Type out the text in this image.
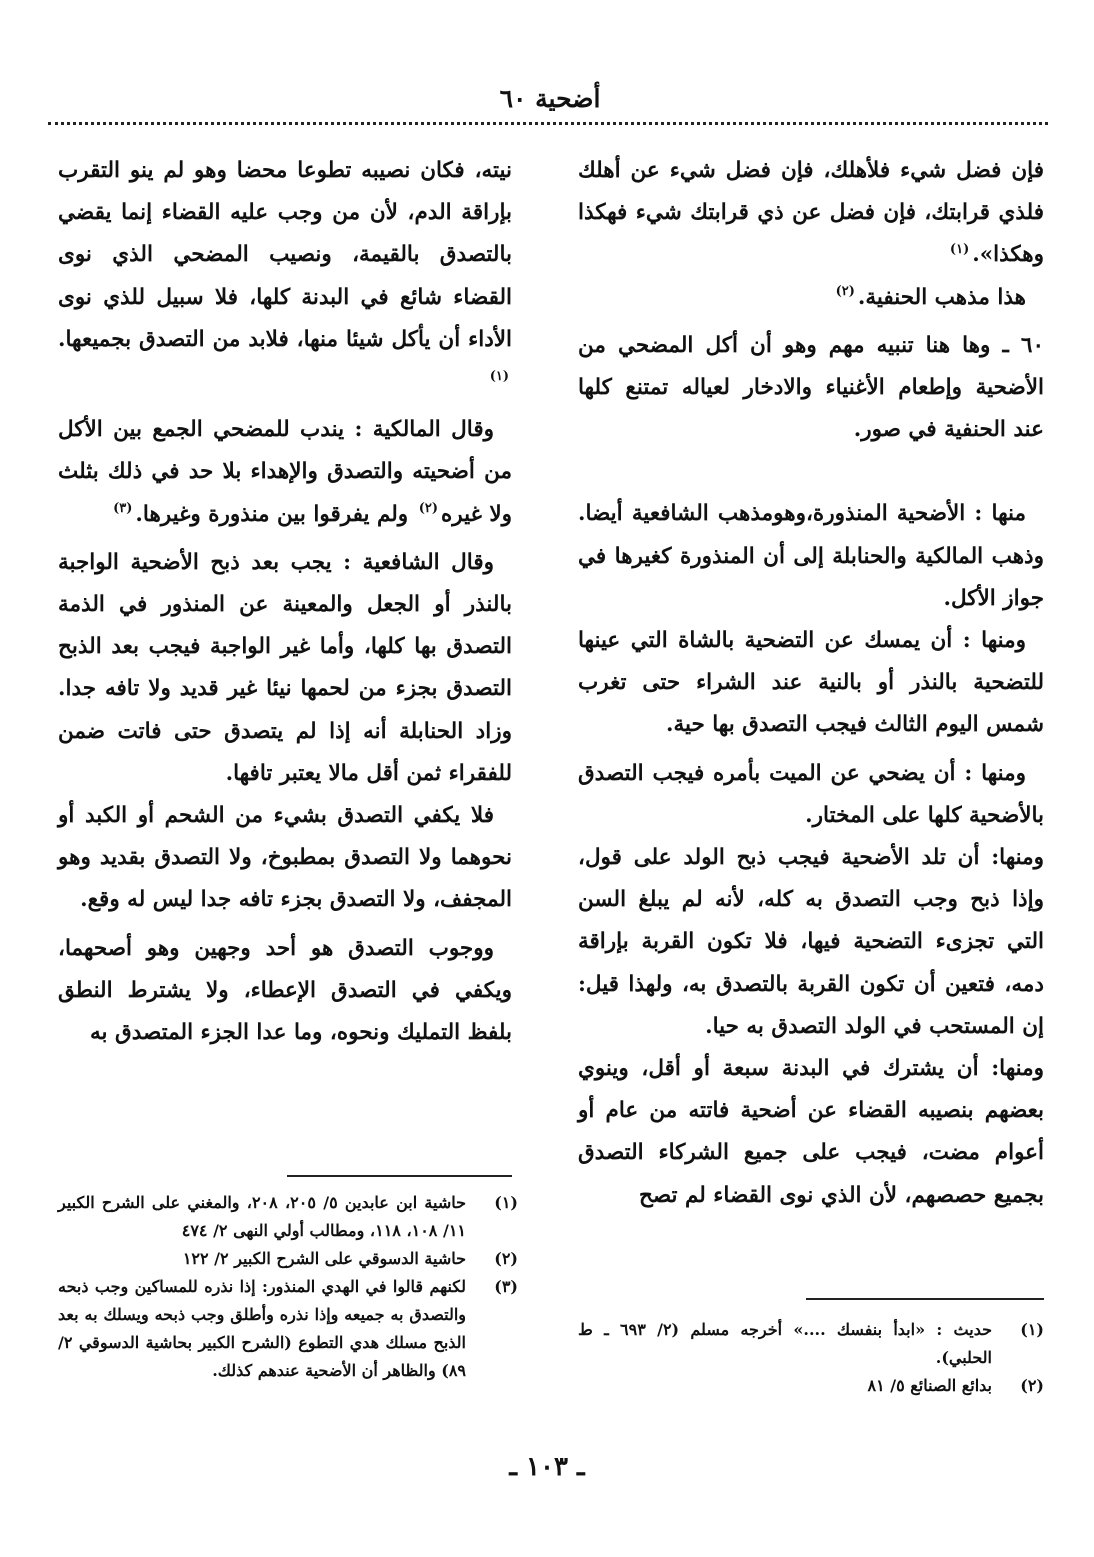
أضحية ٦٠

فإن فضل شيء فلأهلك، فإن فضل شيء عن أهلك فلذي قرابتك، فإن فضل عن ذي قرابتك شيء فهكذا وهكذا».$^{(١)}$

هذا مذهب الحنفية.$^{(٢)}$

٦٠ ـ وها هنا تنبيه مهم وهو أن أكل المضحي من الأضحية وإطعام الأغنياء والادخار لعياله تمتنع كلها عند الحنفية في صور.

منها : الأضحية المنذورة،وهومذهب الشافعية أيضا. وذهب المالكية والحنابلة إلى أن المنذورة كغيرها في جواز الأكل.

ومنها : أن يمسك عن التضحية بالشاة التي عينها للتضحية بالنذر أو بالنية عند الشراء حتى تغرب شمس اليوم الثالث فيجب التصدق بها حية.

ومنها : أن يضحي عن الميت بأمره فيجب التصدق بالأضحية كلها على المختار.

ومنها: أن تلد الأضحية فيجب ذبح الولد على قول، وإذا ذبح وجب التصدق به كله، لأنه لم يبلغ السن التي تجزىء التضحية فيها، فلا تكون القربة بإراقة دمه، فتعين أن تكون القربة بالتصدق به، ولهذا قيل: إن المستحب في الولد التصدق به حيا.

ومنها: أن يشترك في البدنة سبعة أو أقل، وينوي بعضهم بنصيبه القضاء عن أضحية فاتته من عام أو أعوام مضت، فيجب على جميع الشركاء التصدق بجميع حصصهم، لأن الذي نوى القضاء لم تصح

(١)
حديث : «ابدأ بنفسك ....» أخرجه مسلم (٢/ ٦٩٣ ـ ط الحلبي).
(٢)
بدائع الصنائع ٥/ ٨١

نيته، فكان نصيبه تطوعا محضا وهو لم ينو التقرب بإراقة الدم، لأن من وجب عليه القضاء إنما يقضي بالتصدق بالقيمة، ونصيب المضحي الذي نوى القضاء شائع في البدنة كلها، فلا سبيل للذي نوى الأداء أن يأكل شيئا منها، فلابد من التصدق بجميعها.$^{(١)}$

وقال المالكية : يندب للمضحي الجمع بين الأكل من أضحيته والتصدق والإهداء بلا حد في ذلك بثلث ولا غيره$^{(٢)}$ ولم يفرقوا بين منذورة وغيرها.$^{(٣)}$

وقال الشافعية : يجب بعد ذبح الأضحية الواجبة بالنذر أو الجعل والمعينة عن المنذور في الذمة التصدق بها كلها، وأما غير الواجبة فيجب بعد الذبح التصدق بجزء من لحمها نيئا غير قديد ولا تافه جدا. وزاد الحنابلة أنه إذا لم يتصدق حتى فاتت ضمن للفقراء ثمن أقل مالا يعتبر تافها.

فلا يكفي التصدق بشيء من الشحم أو الكبد أو نحوهما ولا التصدق بمطبوخ، ولا التصدق بقديد وهو المجفف، ولا التصدق بجزء تافه جدا ليس له وقع.

ووجوب التصدق هو أحد وجهين وهو أصحهما، ويكفي في التصدق الإعطاء، ولا يشترط النطق بلفظ التمليك ونحوه، وما عدا الجزء المتصدق به

(١)
حاشية ابن عابدين ٥/ ٢٠٥، ٢٠٨، والمغني على الشرح الكبير ١١/ ١٠٨، ١١٨، ومطالب أولي النهى ٢/ ٤٧٤
(٢)
حاشية الدسوقي على الشرح الكبير ٢/ ١٢٢
(٣)
لكنهم قالوا في الهدي المنذور: إذا نذره للمساكين وجب ذبحه والتصدق به جميعه وإذا نذره وأطلق وجب ذبحه ويسلك به بعد الذبح مسلك هدي التطوع (الشرح الكبير بحاشية الدسوقي ٢/ ٨٩) والظاهر أن الأضحية عندهم كذلك.
ـ ١٠٣ ـ
